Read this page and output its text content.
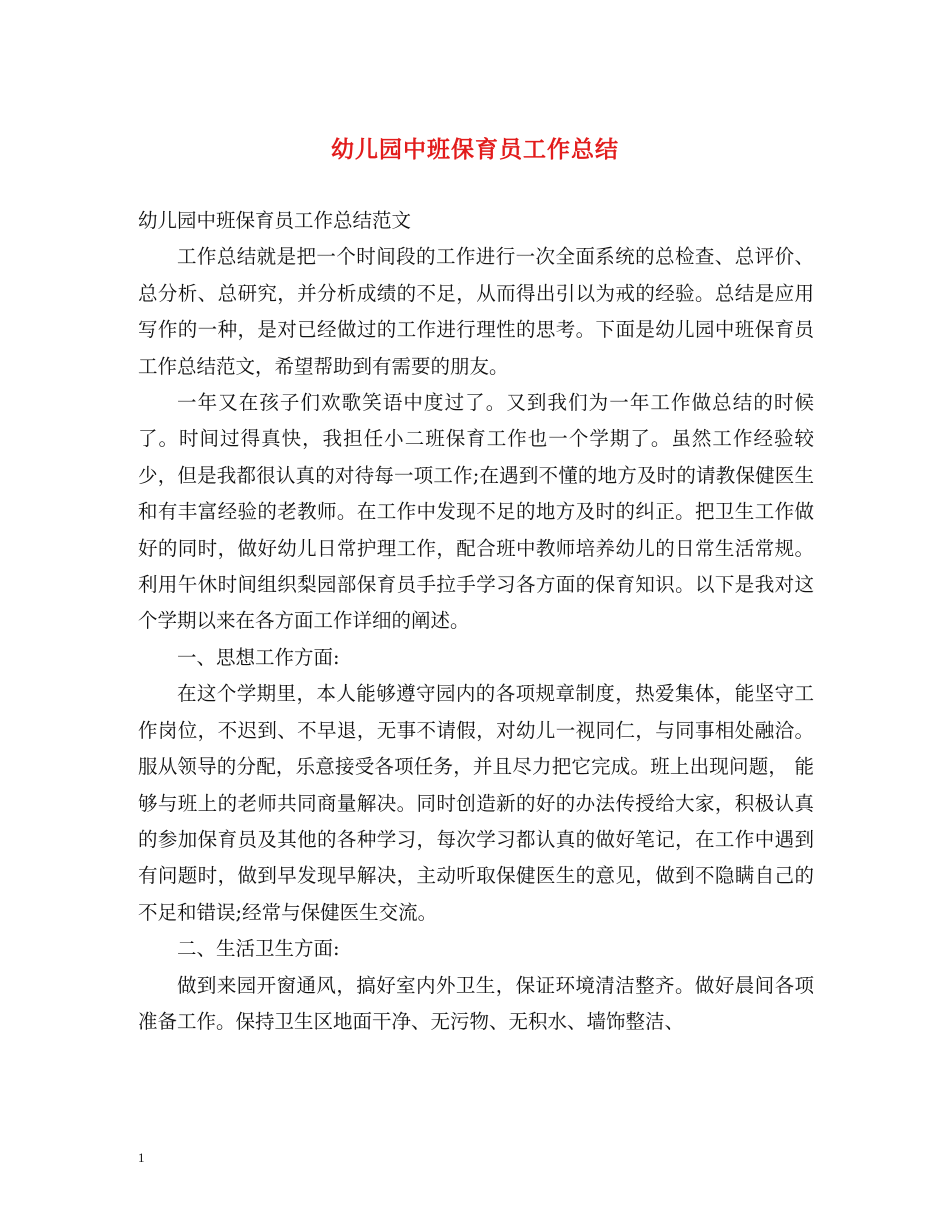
幼儿园中班保育员工作总结

幼儿园中班保育员工作总结范文

工作总结就是把一个时间段的工作进行一次全面系统的总检查、总评价、总分析、总研究，并分析成绩的不足，从而得出引以为戒的经验。总结是应用写作的一种，是对已经做过的工作进行理性的思考。下面是幼儿园中班保育员工作总结范文，希望帮助到有需要的朋友。

一年又在孩子们欢歌笑语中度过了。又到我们为一年工作做总结的时候了。时间过得真快，我担任小二班保育工作也一个学期了。虽然工作经验较少，但是我都很认真的对待每一项工作;在遇到不懂的地方及时的请教保健医生和有丰富经验的老教师。在工作中发现不足的地方及时的纠正。把卫生工作做好的同时，做好幼儿日常护理工作，配合班中教师培养幼儿的日常生活常规。利用午休时间组织梨园部保育员手拉手学习各方面的保育知识。以下是我对这个学期以来在各方面工作详细的阐述。

一、思想工作方面:

在这个学期里，本人能够遵守园内的各项规章制度，热爱集体，能坚守工作岗位，不迟到、不早退，无事不请假，对幼儿一视同仁，与同事相处融洽。服从领导的分配，乐意接受各项任务，并且尽力把它完成。班上出现问题， 能够与班上的老师共同商量解决。同时创造新的好的办法传授给大家，积极认真的参加保育员及其他的各种学习，每次学习都认真的做好笔记，在工作中遇到有问题时，做到早发现早解决，主动听取保健医生的意见，做到不隐瞒自己的不足和错误;经常与保健医生交流。

二、生活卫生方面:

做到来园开窗通风，搞好室内外卫生，保证环境清洁整齐。做好晨间各项准备工作。保持卫生区地面干净、无污物、无积水、墙饰整洁、

1
